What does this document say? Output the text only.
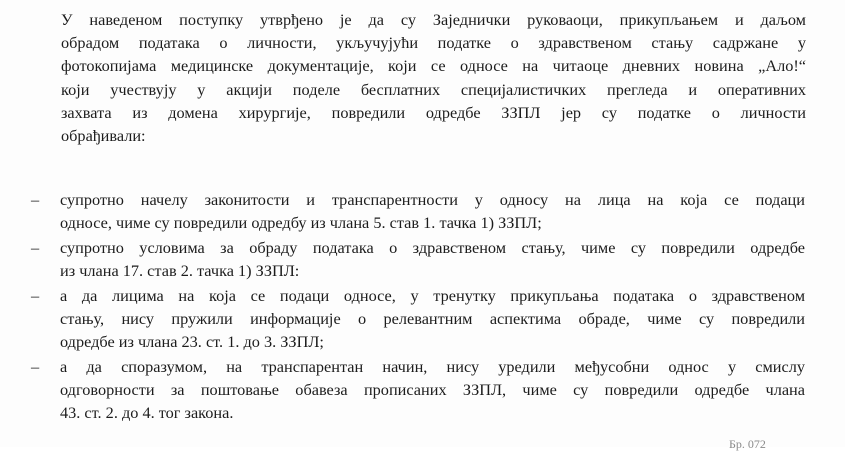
У наведеном поступку утврђено је да су Заједнички руковаоци, прикупљањем и даљом
обрадом података о личности, укључујући податке о здравственом стању садржане у
фотокопијама медицинске документације, који се односе на читаоце дневних новина „Ало!“
који учествују у акцији поделе бесплатних специјалистичких прегледа и оперативних
захвата из домена хирургије, повредили одредбе ЗЗПЛ јер су податке о личности
обрађивали:

– супротно начелу законитости и транспарентности у односу на лица на која се подаци
односе, чиме су повредили одредбу из члана 5. став 1. тачка 1) ЗЗПЛ;
– супротно условима за обраду података о здравственом стању, чиме су повредили одредбе
из члана 17. став 2. тачка 1) ЗЗПЛ:
– а да лицима на која се подаци односе, у тренутку прикупљања података о здравственом
стању, нису пружили информације о релевантним аспектима обраде, чиме су повредили
одредбе из члана 23. ст. 1. до 3. ЗЗПЛ;
– а да споразумом, на транспарентан начин, нису уредили међусобни однос у смислу
одговорности за поштовање обавеза прописаних ЗЗПЛ, чиме су повредили одредбе члана
43. ст. 2. до 4. тог закона.
Бр. 072
